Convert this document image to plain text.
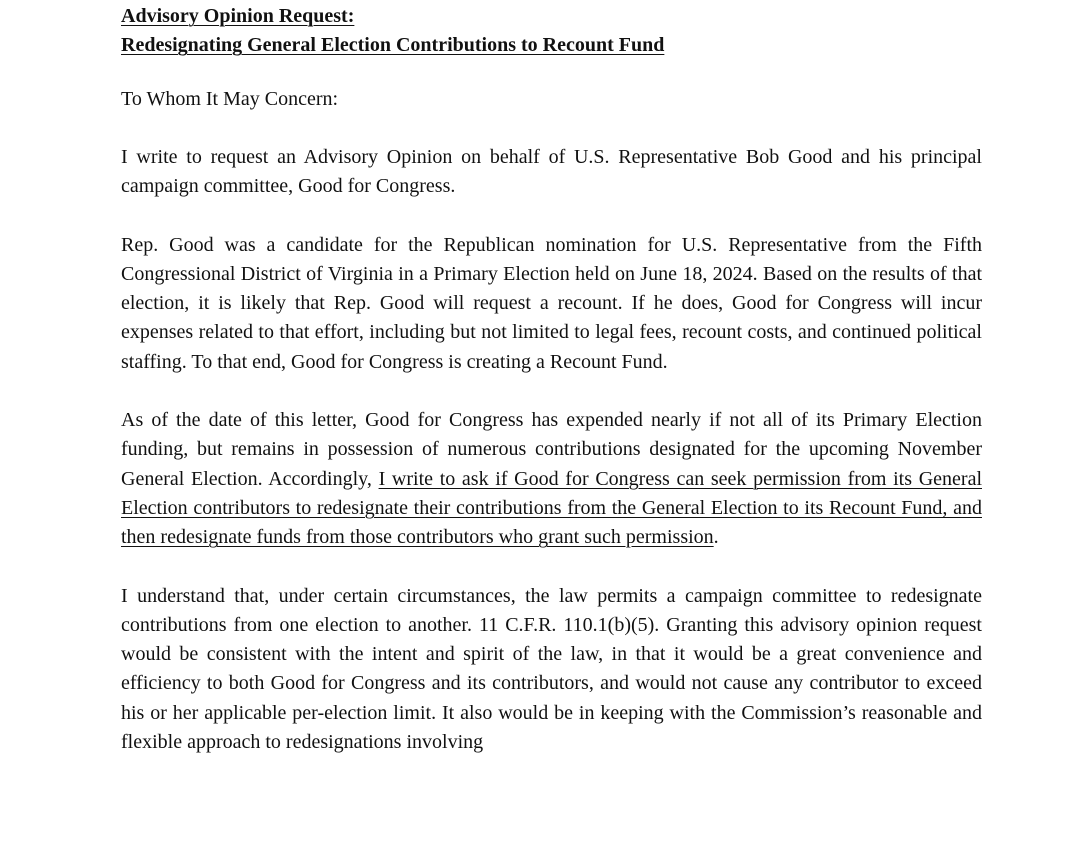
Advisory Opinion Request:

Redesignating General Election Contributions to Recount Fund

To Whom It May Concern:

I write to request an Advisory Opinion on behalf of U.S. Representative Bob Good and his principal campaign committee, Good for Congress.

Rep. Good was a candidate for the Republican nomination for U.S. Representative from the Fifth Congressional District of Virginia in a Primary Election held on June 18, 2024. Based on the results of that election, it is likely that Rep. Good will request a recount. If he does, Good for Congress will incur expenses related to that effort, including but not limited to legal fees, recount costs, and continued political staffing. To that end, Good for Congress is creating a Recount Fund.

As of the date of this letter, Good for Congress has expended nearly if not all of its Primary Election funding, but remains in possession of numerous contributions designated for the upcoming November General Election. Accordingly, I write to ask if Good for Congress can seek permission from its General Election contributors to redesignate their contributions from the General Election to its Recount Fund, and then redesignate funds from those contributors who grant such permission.

I understand that, under certain circumstances, the law permits a campaign committee to redesignate contributions from one election to another. 11 C.F.R. 110.1(b)(5). Granting this advisory opinion request would be consistent with the intent and spirit of the law, in that it would be a great convenience and efficiency to both Good for Congress and its contributors, and would not cause any contributor to exceed his or her applicable per-election limit. It also would be in keeping with the Commission’s reasonable and flexible approach to redesignations involving
